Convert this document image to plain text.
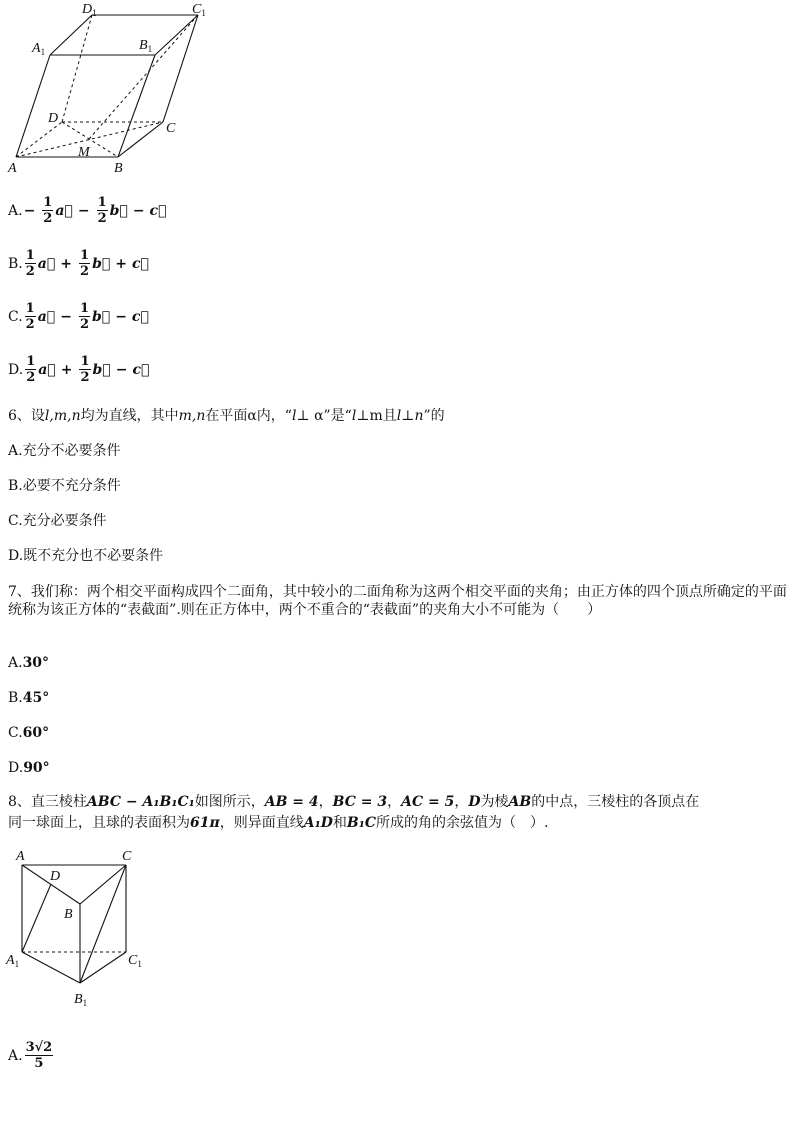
$D_1$	$C_1$
$A_1$	$B_1$
D
C
A	B
M
A. − $\frac{1}{2}$ a⃗ − $\frac{1}{2}$ b⃗ − c⃗
B. $\frac{1}{2}$ a⃗ + $\frac{1}{2}$ b⃗ + c⃗
C. $\frac{1}{2}$ a⃗ − $\frac{1}{2}$ b⃗ − c⃗
D. $\frac{1}{2}$ a⃗ + $\frac{1}{2}$ b⃗ − c⃗
6、设l,m,n均为直线，其中m,n在平面α内，“l⊥ α”是“l⊥m且l⊥n”的
A.充分不必要条件
B.必要不充分条件
C.充分必要条件
D.既不充分也不必要条件
7、我们称：两个相交平面构成四个二面角，其中较小的二面角称为这两个相交平面的夹角；由正方体的四个顶点所确定的平面统称为该正方体的“表截面”.则在正方体中，两个不重合的“表截面”的夹角大小不可能为（　　）
A.30°
B.45°
C.60°
D.90°
8、直三棱柱ABC − A₁B₁C₁如图所示，AB = 4，BC = 3，AC = 5，D为棱AB的中点，三棱柱的各顶点在
同一球面上，且球的表面积为61π，则异面直线A₁D和B₁C所成的角的余弦值为（　）.
A	C
D
B
$A_1$	$C_1$
$B_1$
A. $\frac{3√2}{5}$
